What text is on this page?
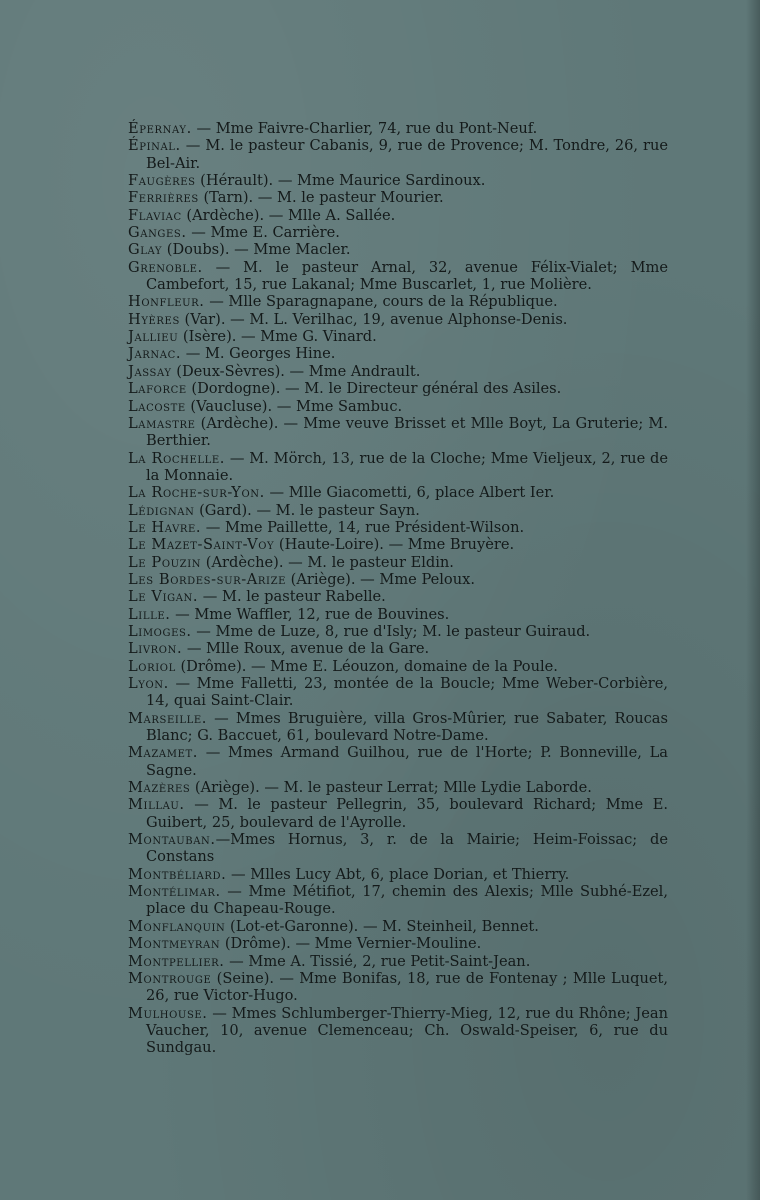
Épernay. — Mme Faivre-Charlier, 74, rue du Pont-Neuf.

Épinal. — M. le pasteur Cabanis, 9, rue de Provence; M. Tondre, 26, rue Bel-Air.

Faugères (Hérault). — Mme Maurice Sardinoux.

Ferrières (Tarn). — M. le pasteur Mourier.

Flaviac (Ardèche). — Mlle A. Sallée.

Ganges. — Mme E. Carrière.

Glay (Doubs). — Mme Macler.

Grenoble. — M. le pasteur Arnal, 32, avenue Félix-Vialet; Mme Cambefort, 15, rue Lakanal; Mme Buscarlet, 1, rue Molière.

Honfleur. — Mlle Sparagnapane, cours de la République.

Hyères (Var). — M. L. Verilhac, 19, avenue Alphonse-Denis.

Jallieu (Isère). — Mme G. Vinard.

Jarnac. — M. Georges Hine.

Jassay (Deux-Sèvres). — Mme Andrault.

Laforce (Dordogne). — M. le Directeur général des Asiles.

Lacoste (Vaucluse). — Mme Sambuc.

Lamastre (Ardèche). — Mme veuve Brisset et Mlle Boyt, La Gruterie; M. Berthier.

La Rochelle. — M. Mörch, 13, rue de la Cloche; Mme Vieljeux, 2, rue de la Monnaie.

La Roche-sur-Yon. — Mlle Giacometti, 6, place Albert Ier.

Lédignan (Gard). — M. le pasteur Sayn.

Le Havre. — Mme Paillette, 14, rue Président-Wilson.

Le Mazet-Saint-Voy (Haute-Loire). — Mme Bruyère.

Le Pouzin (Ardèche). — M. le pasteur Eldin.

Les Bordes-sur-Arize (Ariège). — Mme Peloux.

Le Vigan. — M. le pasteur Rabelle.

Lille. — Mme Waffler, 12, rue de Bouvines.

Limoges. — Mme de Luze, 8, rue d'Isly; M. le pasteur Guiraud.

Livron. — Mlle Roux, avenue de la Gare.

Loriol (Drôme). — Mme E. Léouzon, domaine de la Poule.

Lyon. — Mme Falletti, 23, montée de la Boucle; Mme Weber-Corbière, 14, quai Saint-Clair.

Marseille. — Mmes Bruguière, villa Gros-Mûrier, rue Sabater, Roucas Blanc; G. Baccuet, 61, boulevard Notre-Dame.

Mazamet. — Mmes Armand Guilhou, rue de l'Horte; P. Bonneville, La Sagne.

Mazères (Ariège). — M. le pasteur Lerrat; Mlle Lydie Laborde.

Millau. — M. le pasteur Pellegrin, 35, boulevard Richard; Mme E. Guibert, 25, boulevard de l'Ayrolle.

Montauban.—Mmes Hornus, 3, r. de la Mairie; Heim-Foissac; de Constans

Montbéliard. — Mlles Lucy Abt, 6, place Dorian, et Thierry.

Montélimar. — Mme Métifiot, 17, chemin des Alexis; Mlle Subhé-Ezel, place du Chapeau-Rouge.

Monflanquin (Lot-et-Garonne). — M. Steinheil, Bennet.

Montmeyran (Drôme). — Mme Vernier-Mouline.

Montpellier. — Mme A. Tissié, 2, rue Petit-Saint-Jean.

Montrouge (Seine). — Mme Bonifas, 18, rue de Fontenay ; Mlle Luquet, 26, rue Victor-Hugo.

Mulhouse. — Mmes Schlumberger-Thierry-Mieg, 12, rue du Rhône; Jean Vaucher, 10, avenue Clemenceau; Ch. Oswald-Speiser, 6, rue du Sundgau.
